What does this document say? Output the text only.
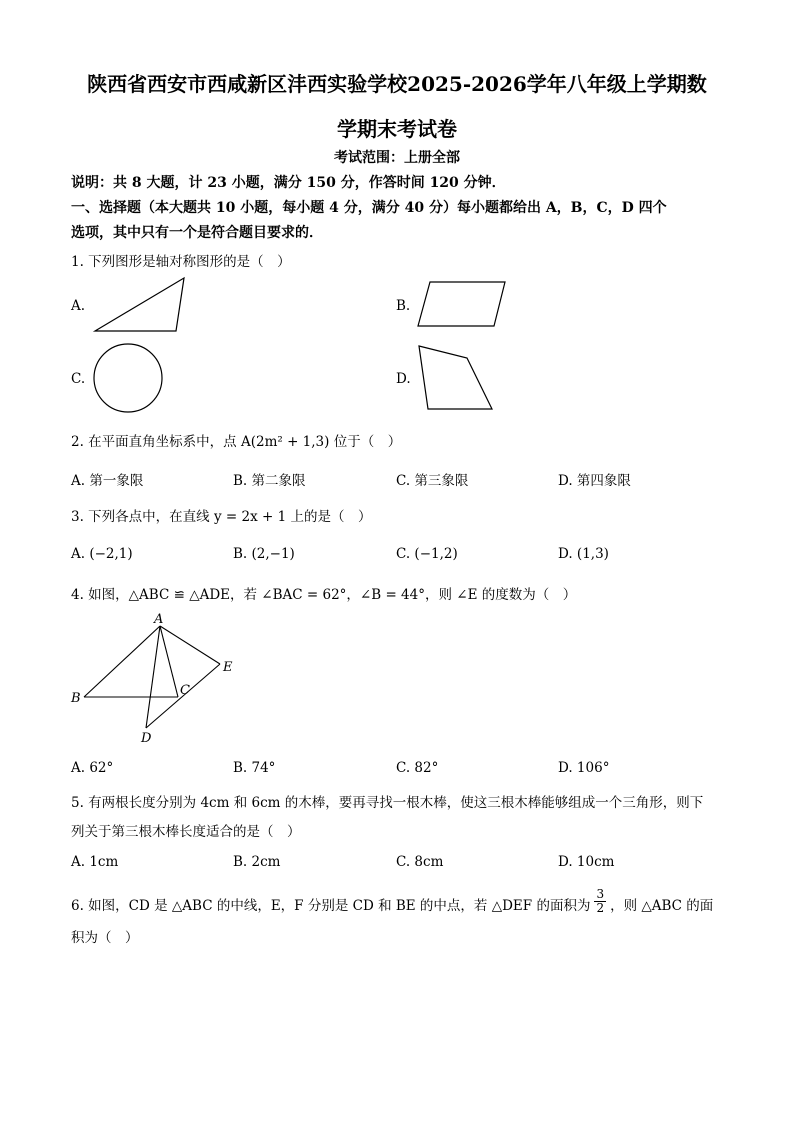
陕西省西安市西咸新区沣西实验学校2025-2026学年八年级上学期数
学期末考试卷
考试范围：上册全部
说明：共 8 大题，计 23 小题，满分 150 分，作答时间 120 分钟．
一、选择题（本大题共 10 小题，每小题 4 分，满分 40 分）每小题都给出 A，B，C，D 四个
选项，其中只有一个是符合题目要求的．
1. 下列图形是轴对称图形的是（　）
A.	B.
C.	D.
2. 在平面直角坐标系中，点 A(2m² + 1,3) 位于（　）
A. 第一象限	B. 第二象限	C. 第三象限	D. 第四象限
3. 下列各点中，在直线 y = 2x + 1 上的是（　）
A. (−2,1)	B. (2,−1)	C. (−1,2)	D. (1,3)
4. 如图，△ABC ≌ △ADE，若 ∠BAC = 62°，∠B = 44°，则 ∠E 的度数为（　）
A
B
C
D
E
A. 62°	B. 74°	C. 82°	D. 106°
5. 有两根长度分别为 4cm 和 6cm 的木棒，要再寻找一根木棒，使这三根木棒能够组成一个三角形，则下
列关于第三根木棒长度适合的是（　）
A. 1cm	B. 2cm	C. 8cm	D. 10cm
6. 如图，CD 是 △ABC 的中线，E，F 分别是 CD 和 BE 的中点，若 △DEF 的面积为 $\frac{3}{2}$ ，则 △ABC 的面
积为（　）
